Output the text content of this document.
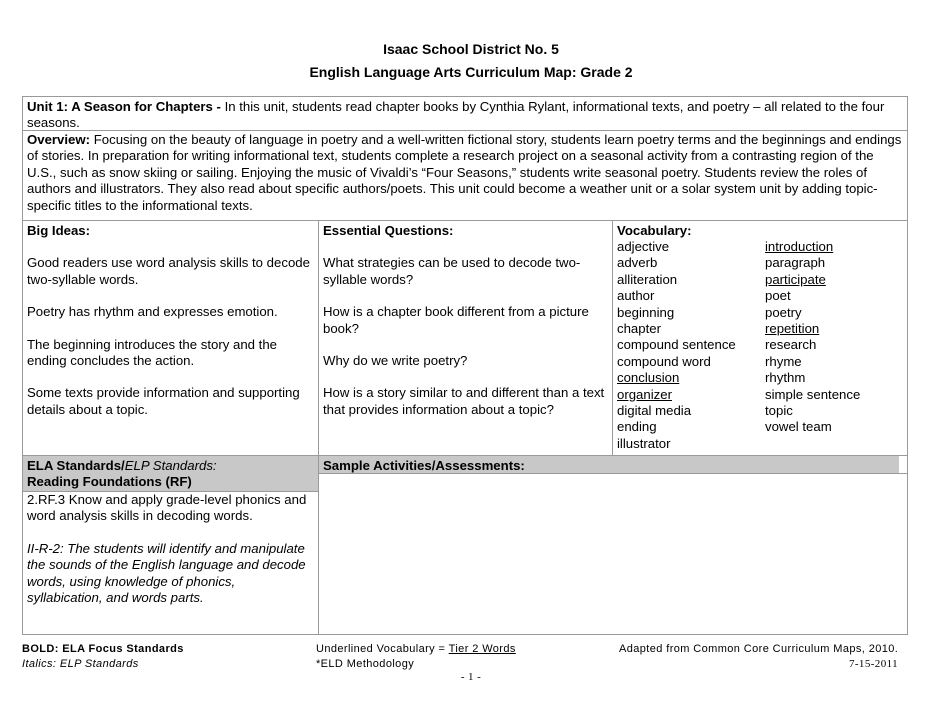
Isaac School District No. 5
English Language Arts Curriculum Map: Grade 2
Unit 1: A Season for Chapters - In this unit, students read chapter books by Cynthia Rylant, informational texts, and poetry – all related to the four seasons.
Overview: Focusing on the beauty of language in poetry and a well-written fictional story, students learn poetry terms and the beginnings and endings of stories. In preparation for writing informational text, students complete a research project on a seasonal activity from a contrasting region of the U.S., such as snow skiing or sailing. Enjoying the music of Vivaldi’s “Four Seasons,” students write seasonal poetry. Students review the roles of authors and illustrators. They also read about specific authors/poets. This unit could become a weather unit or a solar system unit by adding topic-specific titles to the informational texts.

Big Ideas:

Good readers use word analysis skills to decode two-syllable words.

Poetry has rhythm and expresses emotion.

The beginning introduces the story and the ending concludes the action.

Some texts provide information and supporting details about a topic.

Essential Questions:

What strategies can be used to decode two-syllable words?

How is a chapter book different from a picture book?

Why do we write poetry?

How is a story similar to and different than a text that provides information about a topic?

Vocabulary:

adjective
adverb
alliteration
author
beginning
chapter
compound sentence
compound word
conclusion
organizer
digital media
ending
illustrator
introduction
paragraph
participate
poet
poetry
repetition
research
rhyme
rhythm
simple sentence
topic
vowel team

ELA Standards/ELP Standards:

Reading Foundations (RF)

Sample Activities/Assessments:

2.RF.3 Know and apply grade-level phonics and word analysis skills in decoding words.

II-R-2: The students will identify and manipulate the sounds of the English language and decode words, using knowledge of phonics, syllabication, and words parts.

BOLD: ELA Focus Standards
Italics: ELP Standards
Underlined Vocabulary = Tier 2 Words
*ELD Methodology
Adapted from Common Core Curriculum Maps, 2010.
7-15-2011
- 1 -
